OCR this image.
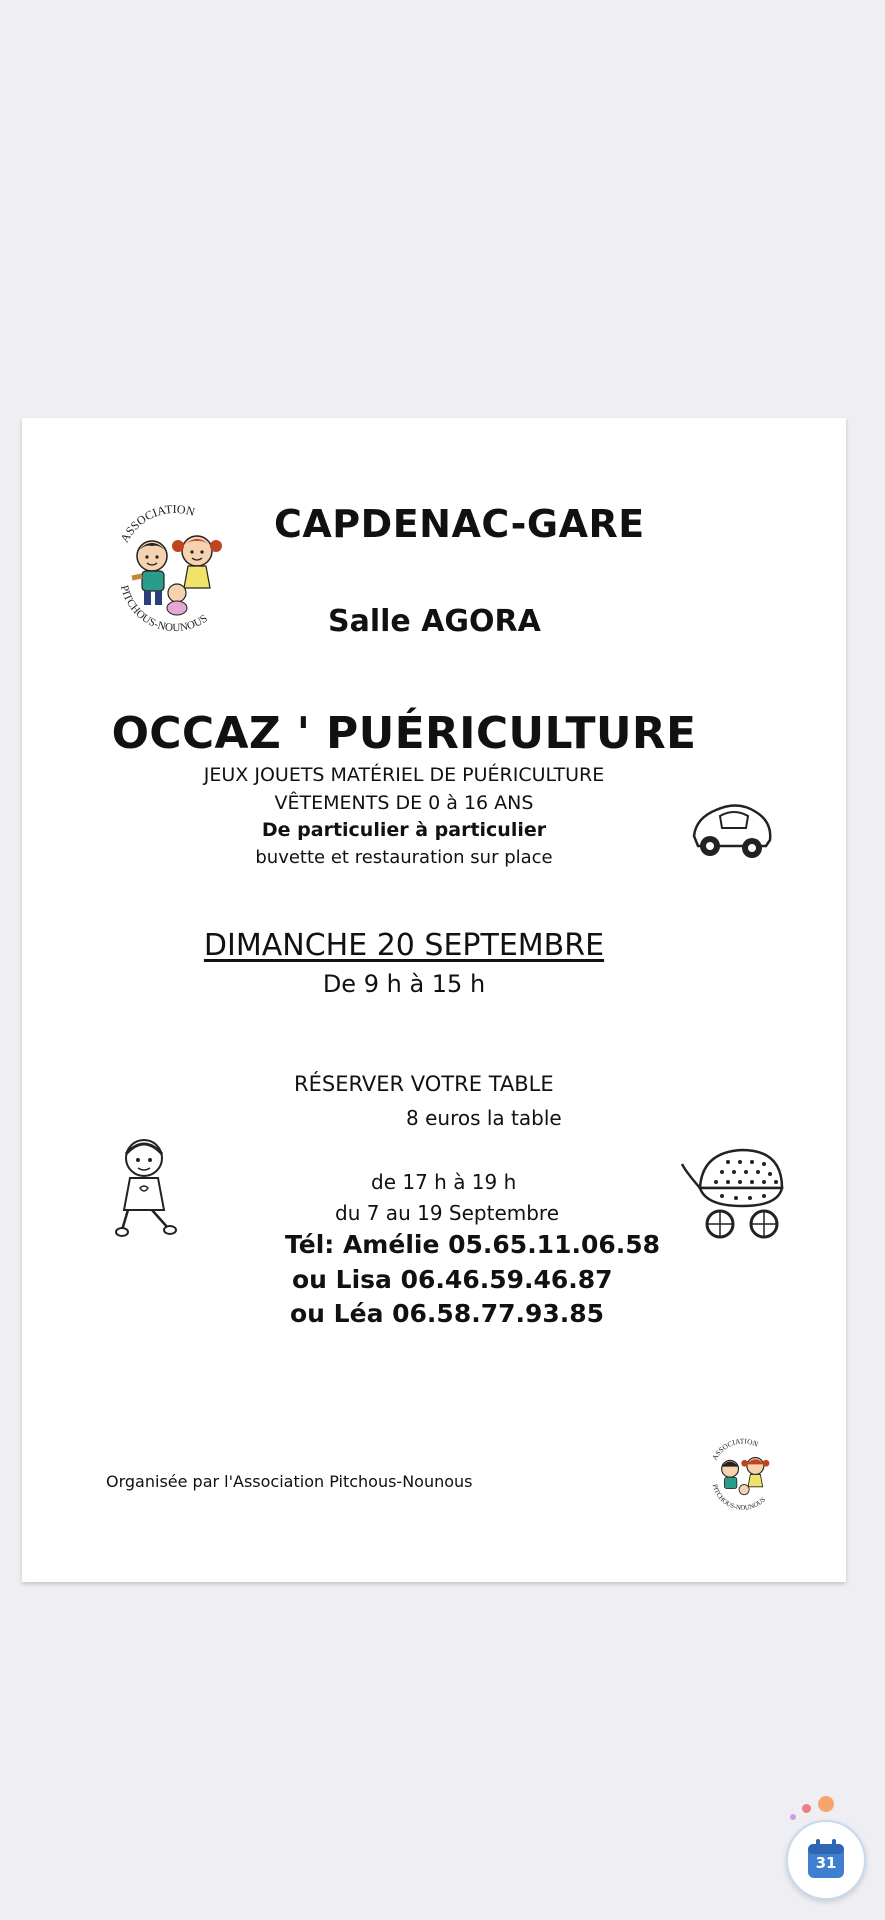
ASSOCIATION
PITCHOUS-NOUNOUS
CAPDENAC-GARE
Salle AGORA
OCCAZ ' PUÉRICULTURE
JEUX JOUETS MATÉRIEL DE PUÉRICULTURE
VÊTEMENTS DE 0 à 16 ANS
De particulier à particulier
buvette et restauration sur place
DIMANCHE 20 SEPTEMBRE
De 9 h à 15 h
RÉSERVER VOTRE TABLE
8 euros la table
de 17 h à 19 h
du 7 au 19 Septembre
Tél: Amélie 05.65.11.06.58
ou Lisa 06.46.59.46.87
ou Léa 06.58.77.93.85
Organisée par l'Association Pitchous-Nounous
ASSOCIATION
PITCHOUS-NOUNOUS
31
